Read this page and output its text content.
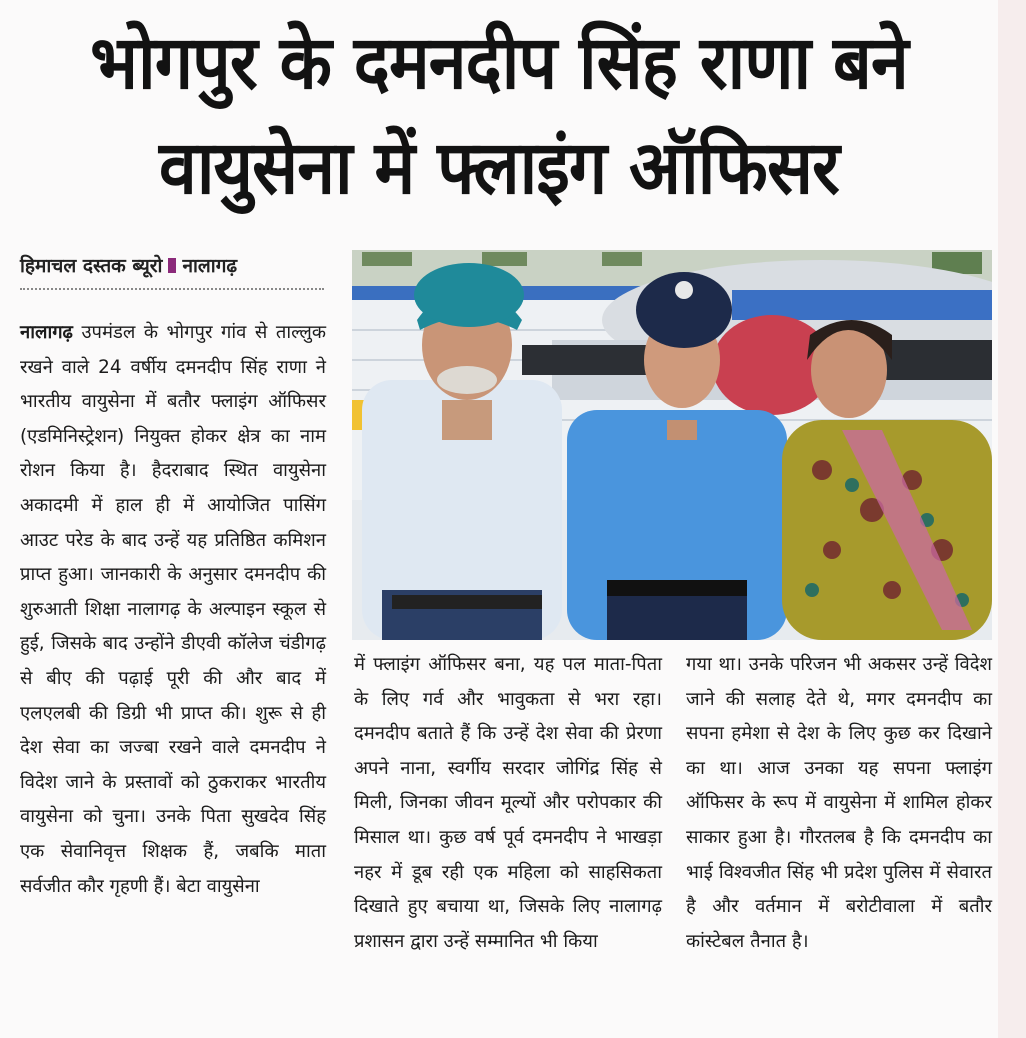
भोगपुर के दमनदीप सिंह राणा बने
वायुसेना में फ्लाइंग ऑफिसर
हिमाचल दस्तक ब्यूरो नालागढ़
नालागढ़ उपमंडल के भोगपुर गांव से ताल्लुक रखने वाले 24 वर्षीय दमनदीप सिंह राणा ने भारतीय वायुसेना में बतौर फ्लाइंग ऑफिसर (एडमिनिस्ट्रेशन) नियुक्त होकर क्षेत्र का नाम रोशन किया है। हैदराबाद स्थित वायुसेना अकादमी में हाल ही में आयोजित पासिंग आउट परेड के बाद उन्हें यह प्रतिष्ठित कमिशन प्राप्त हुआ। जानकारी के अनुसार दमनदीप की शुरुआती शिक्षा नालागढ़ के अल्पाइन स्कूल से हुई, जिसके बाद उन्होंने डीएवी कॉलेज चंडीगढ़ से बीए की पढ़ाई पूरी की और बाद में एलएलबी की डिग्री भी प्राप्त की। शुरू से ही देश सेवा का जज्बा रखने वाले दमनदीप ने विदेश जाने के प्रस्तावों को ठुकराकर भारतीय वायुसेना को चुना। उनके पिता सुखदेव सिंह एक सेवानिवृत्त शिक्षक हैं, जबकि माता सर्वजीत कौर गृहणी हैं। बेटा वायुसेना
में फ्लाइंग ऑफिसर बना, यह पल माता-पिता के लिए गर्व और भावुकता से भरा रहा। दमनदीप बताते हैं कि उन्हें देश सेवा की प्रेरणा अपने नाना, स्वर्गीय सरदार जोगिंद्र सिंह से मिली, जिनका जीवन मूल्यों और परोपकार की मिसाल था। कुछ वर्ष पूर्व दमनदीप ने भाखड़ा नहर में डूब रही एक महिला को साहसिकता दिखाते हुए बचाया था, जिसके लिए नालागढ़ प्रशासन द्वारा उन्हें सम्मानित भी किया
गया था। उनके परिजन भी अकसर उन्हें विदेश जाने की सलाह देते थे, मगर दमनदीप का सपना हमेशा से देश के लिए कुछ कर दिखाने का था। आज उनका यह सपना फ्लाइंग ऑफिसर के रूप में वायुसेना में शामिल होकर साकार हुआ है। गौरतलब है कि दमनदीप का भाई विश्वजीत सिंह भी प्रदेश पुलिस में सेवारत है और वर्तमान में बरोटीवाला में बतौर कांस्टेबल तैनात है।
